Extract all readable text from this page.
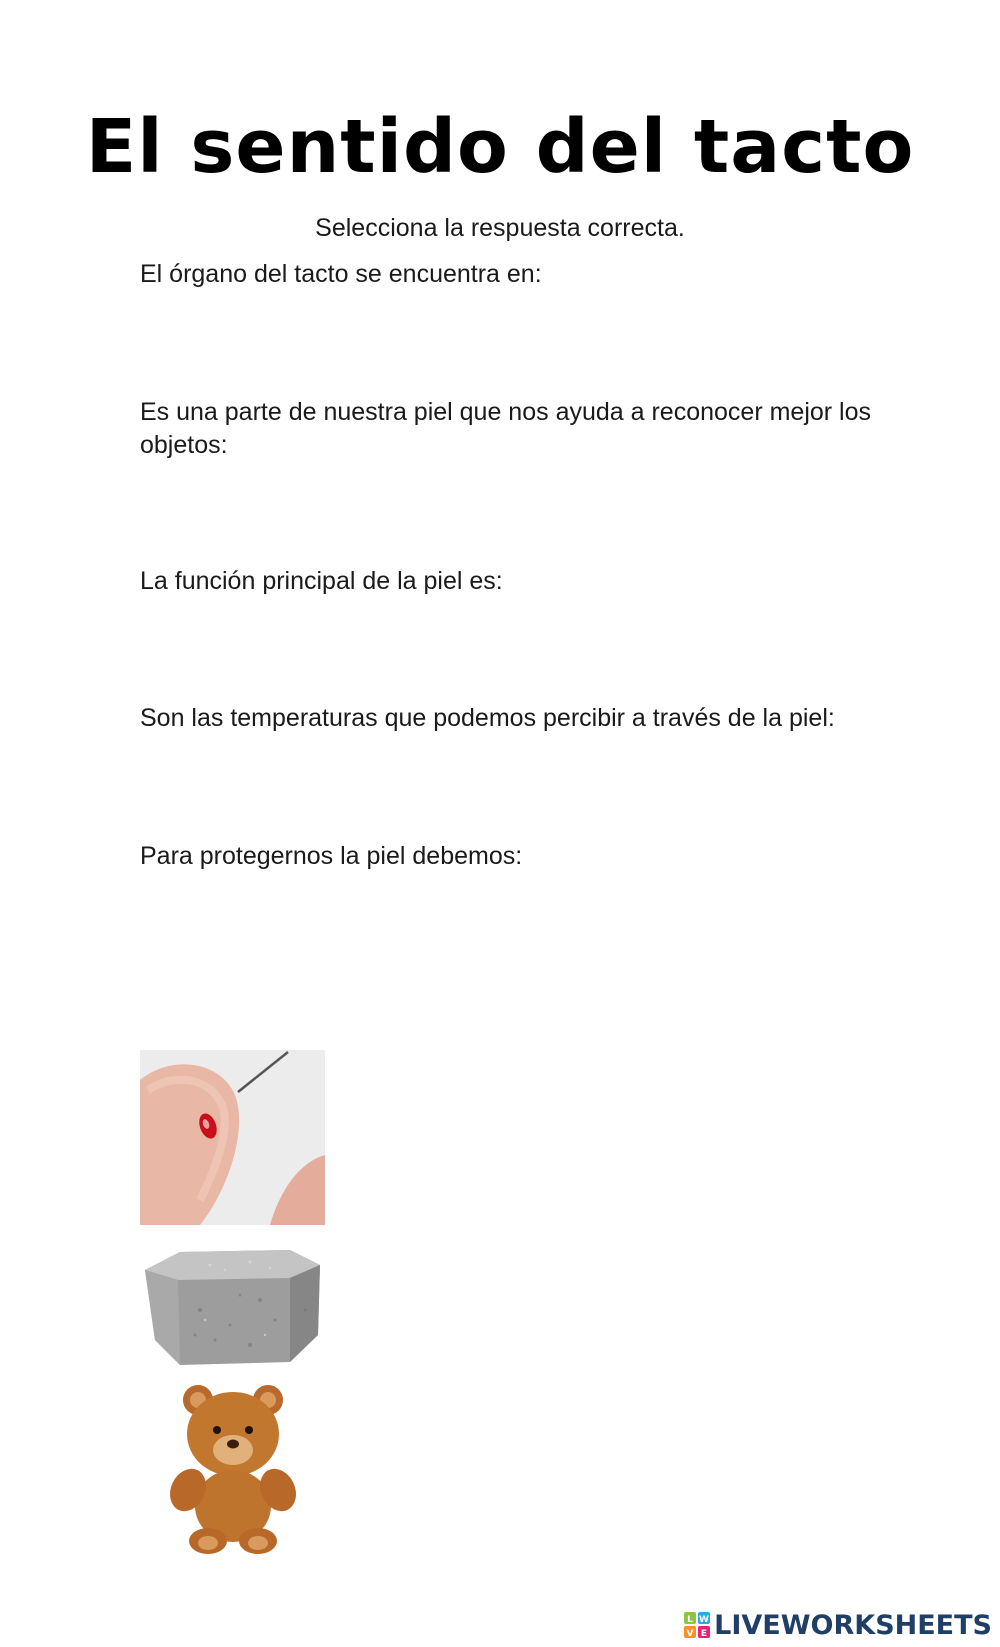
El sentido del tacto
Selecciona la respuesta correcta.
El órgano del tacto se encuentra en:
Es una parte de nuestra piel que nos ayuda a reconocer mejor los objetos:
La función principal de la piel es:
Son las temperaturas que podemos percibir a través de la piel:
Para protegernos la piel debemos:
L W
V E LIVEWORKSHEETS
